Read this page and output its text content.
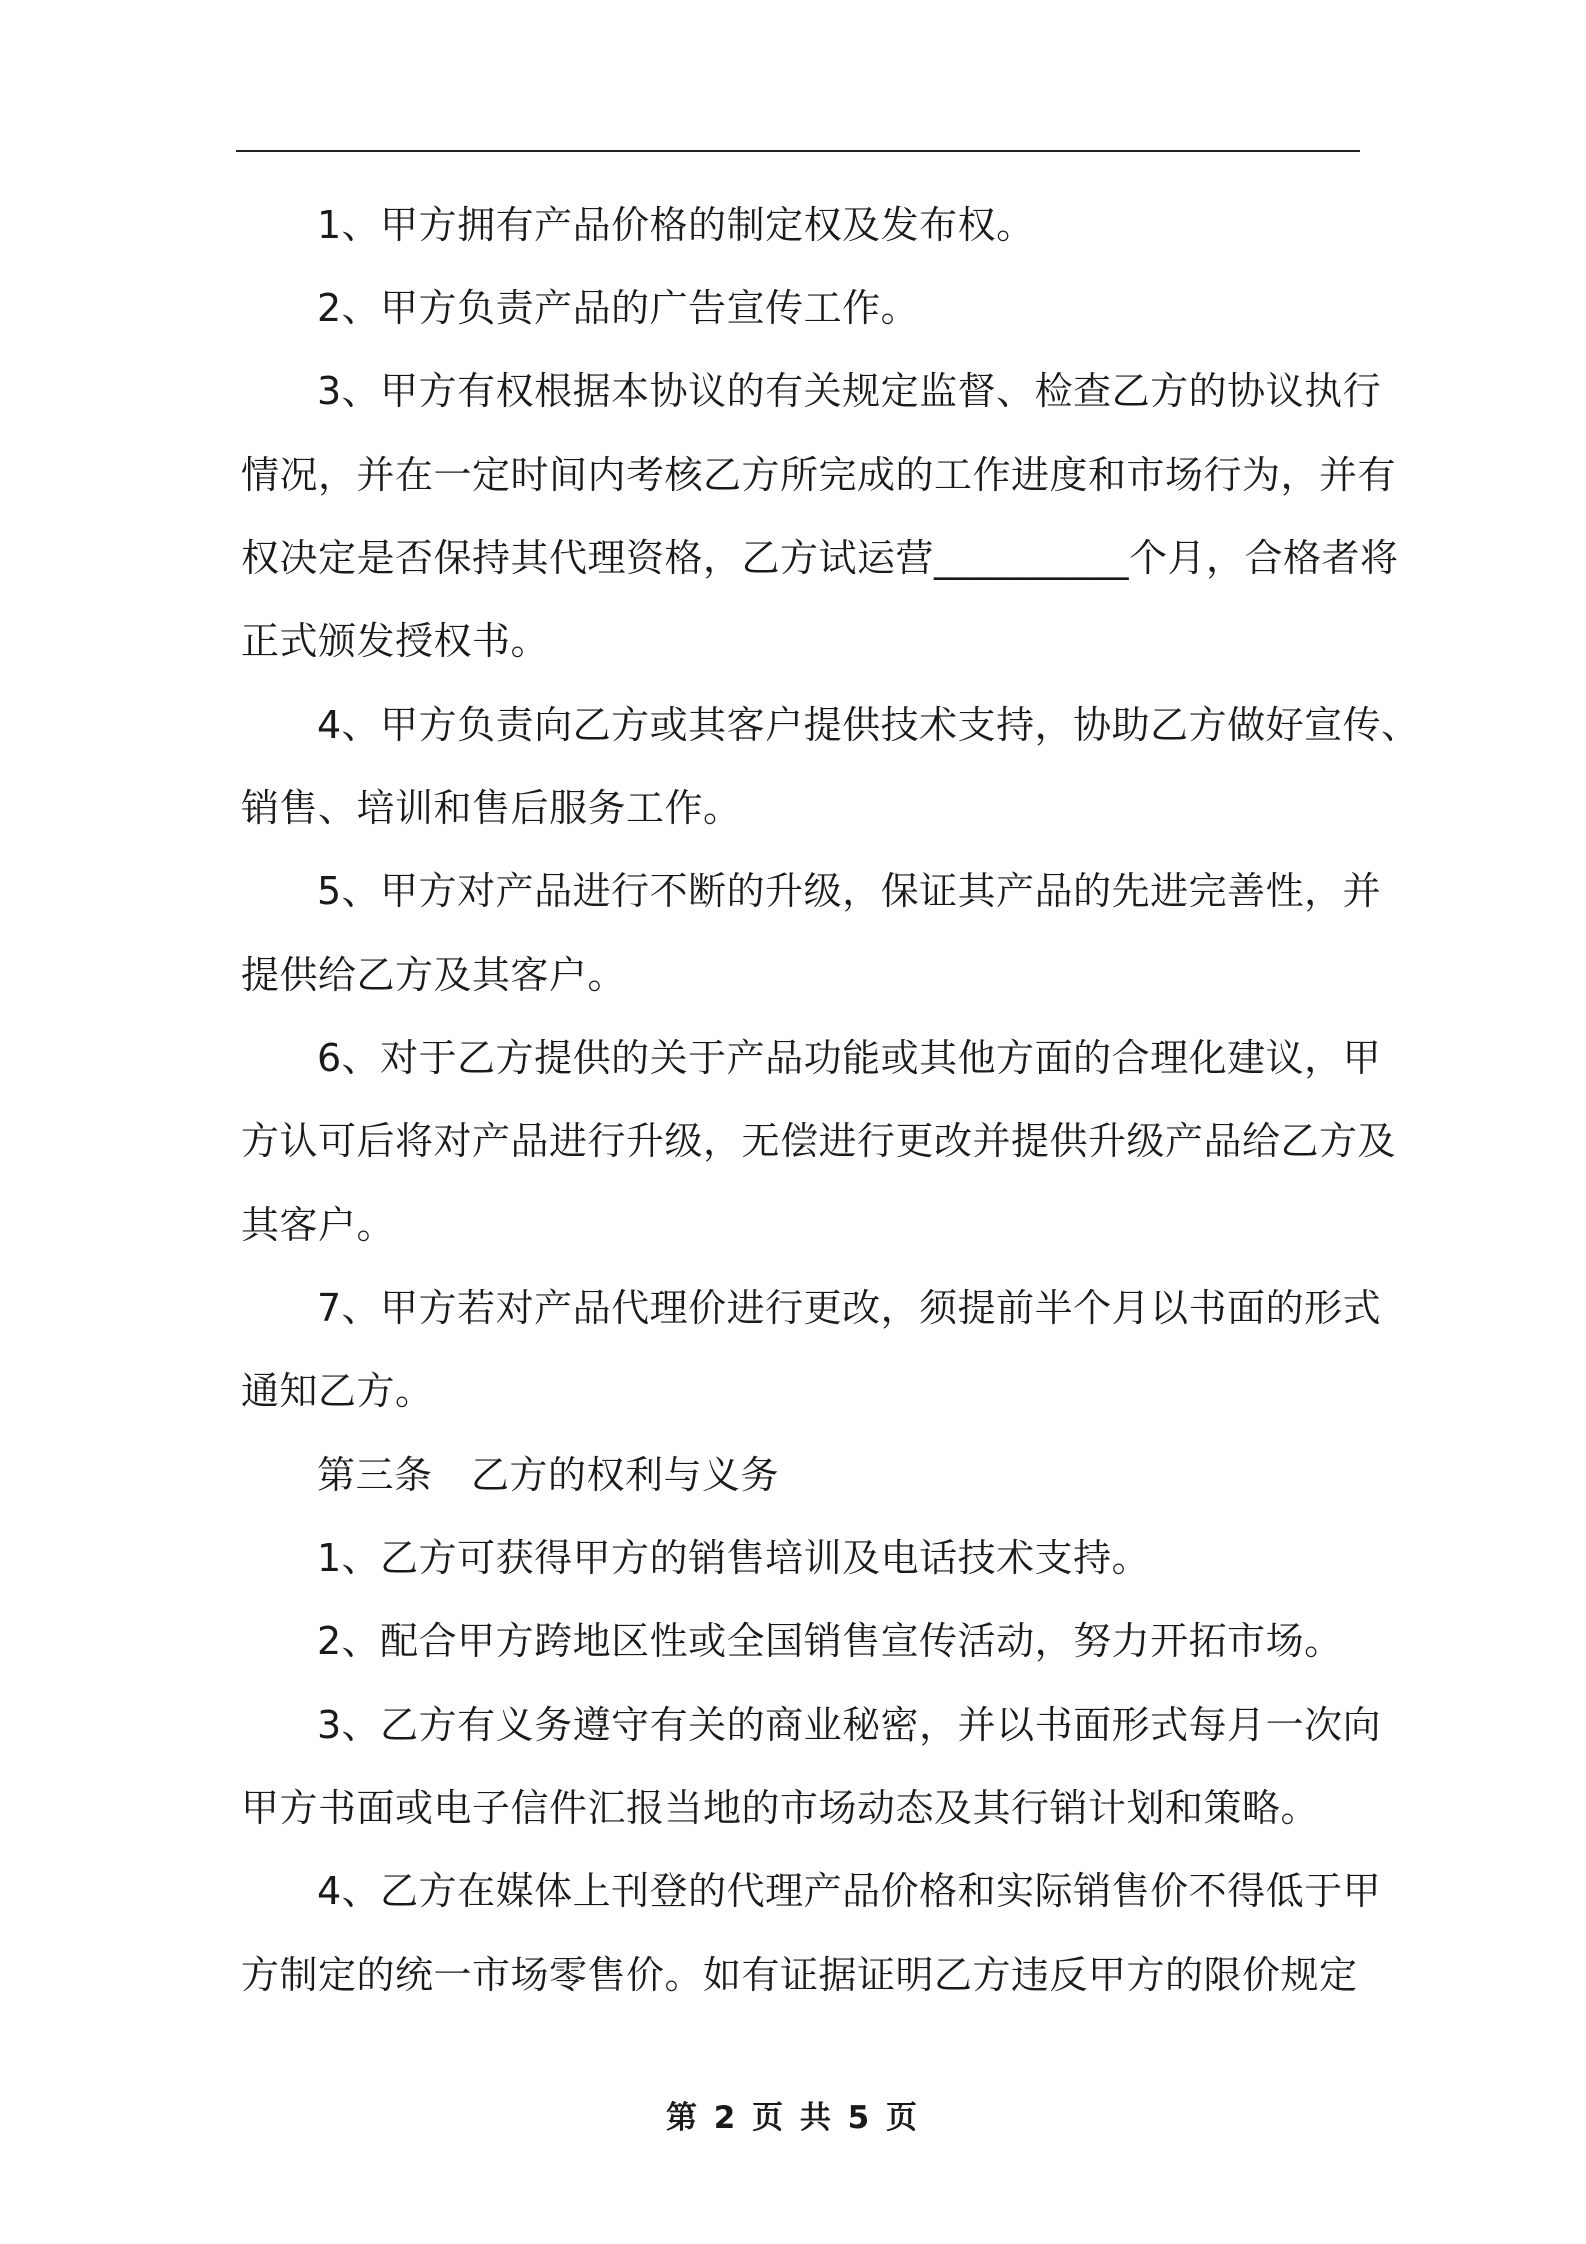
1、甲方拥有产品价格的制定权及发布权。
2、甲方负责产品的广告宣传工作。
3、甲方有权根据本协议的有关规定监督、检查乙方的协议执行
情况，并在一定时间内考核乙方所完成的工作进度和市场行为，并有
权决定是否保持其代理资格，乙方试运营__________个月，合格者将
正式颁发授权书。
4、甲方负责向乙方或其客户提供技术支持，协助乙方做好宣传、
销售、培训和售后服务工作。
5、甲方对产品进行不断的升级，保证其产品的先进完善性，并
提供给乙方及其客户。
6、对于乙方提供的关于产品功能或其他方面的合理化建议，甲
方认可后将对产品进行升级，无偿进行更改并提供升级产品给乙方及
其客户。
7、甲方若对产品代理价进行更改，须提前半个月以书面的形式
通知乙方。
第三条　乙方的权利与义务
1、乙方可获得甲方的销售培训及电话技术支持。
2、配合甲方跨地区性或全国销售宣传活动，努力开拓市场。
3、乙方有义务遵守有关的商业秘密，并以书面形式每月一次向
甲方书面或电子信件汇报当地的市场动态及其行销计划和策略。
4、乙方在媒体上刊登的代理产品价格和实际销售价不得低于甲
方制定的统一市场零售价。如有证据证明乙方违反甲方的限价规定
第 2 页 共 5 页
